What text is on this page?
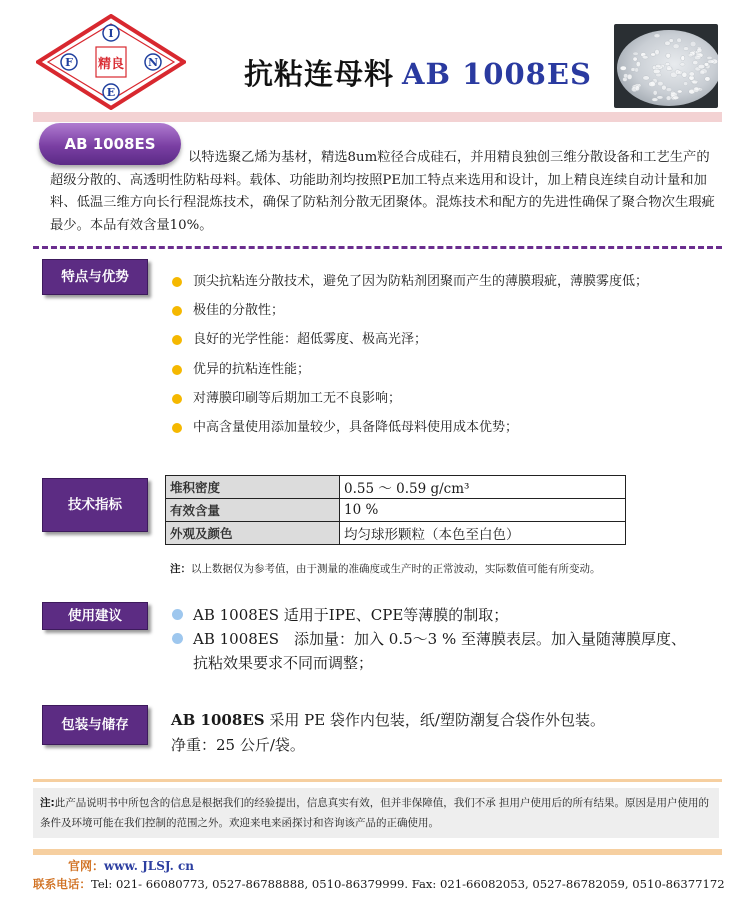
I
F	N
E
精良	抗粘连母料 AB 1008ES
AB 1008ES
以特选聚乙烯为基材，精选8um粒径合成硅石，并用精良独创三维分散设备和工艺生产的超级分散的、高透明性防粘母料。载体、功能助剂均按照PE加工特点来选用和设计，加上精良连续自动计量和加料、低温三维方向长行程混炼技术，确保了防粘剂分散无团聚体。混炼技术和配方的先进性确保了聚合物次生瑕疵最少。本品有效含量10%。
特点与优势	顶尖抗粘连分散技术，避免了因为防粘剂团聚而产生的薄膜瑕疵，薄膜雾度低；
极佳的分散性；
良好的光学性能：超低雾度、极高光泽；
优异的抗粘连性能；
对薄膜印刷等后期加工无不良影响；
中高含量使用添加量较少，具备降低母料使用成本优势；
技术指标
堆积密度	0.55 ～ 0.59 g/cm³
有效含量	10 %
外观及颜色	均匀球形颗粒（本色至白色）
注：以上数据仅为参考值，由于测量的准确度或生产时的正常波动，实际数值可能有所变动。
使用建议	AB 1008ES 适用于IPE、CPE等薄膜的制取；
AB 1008ES　添加量：加入 0.5～3 % 至薄膜表层。加入量随薄膜厚度、抗粘效果要求不同而调整；
包装与储存	AB 1008ES 采用 PE 袋作内包装，纸/塑防潮复合袋作外包装。
净重：25 公斤/袋。
注:此产品说明书中所包含的信息是根据我们的经验提出，信息真实有效，但并非保障值，我们不承 担用户使用后的所有结果。原因是用户使用的条件及环境可能在我们控制的范围之外。欢迎来电来函探讨和咨询该产品的正确使用。
官网：www. JLSJ. cn
联系电话：Tel: 021- 66080773, 0527-86788888, 0510-86379999. Fax: 021-66082053, 0527-86782059, 0510-86377172
